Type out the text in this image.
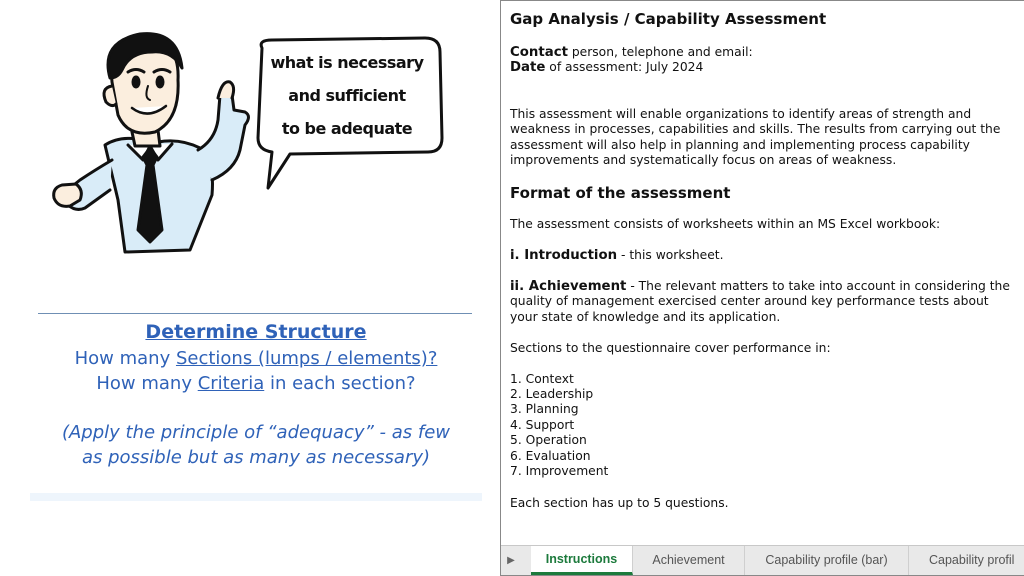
what is necessary
and sufficient
to be adequate
Determine Structure
How many Sections (lumps / elements)?
How many Criteria in each section?
(Apply the principle of “adequacy” - as few
as possible but as many as necessary)
Gap Analysis / Capability Assessment
Contact person, telephone and email:
Date of assessment: July 2024
This assessment will enable organizations to identify areas of strength and weakness in processes, capabilities and skills. The results from carrying out the assessment will also help in planning and implementing process capability improvements and systematically focus on areas of weakness.
Format of the assessment
The assessment consists of worksheets within an MS Excel workbook:
i. Introduction - this worksheet.
ii. Achievement - The relevant matters to take into account in considering the quality of management exercised center around key performance tests about your state of knowledge and its application.
Sections to the questionnaire cover performance in:
1. Context
2. Leadership
3. Planning
4. Support
5. Operation
6. Evaluation
7. Improvement
Each section has up to 5 questions.
▶	Instructions	Achievement	Capability profile (bar)	Capability profil
